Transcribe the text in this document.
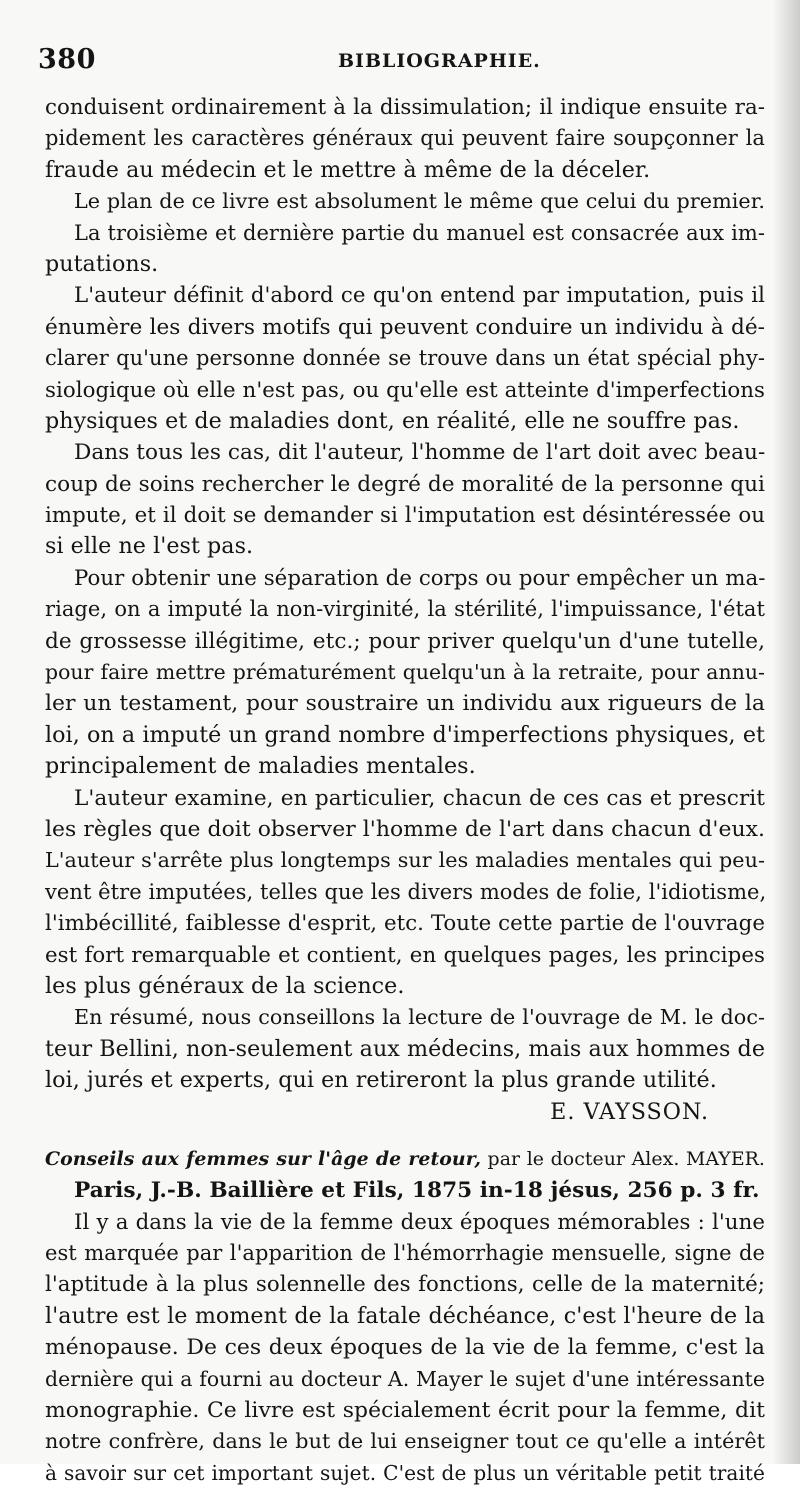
380	BIBLIOGRAPHIE.
conduisent ordinairement à la dissimulation; il indique ensuite ra-
pidement les caractères généraux qui peuvent faire soupçonner la
fraude au médecin et le mettre à même de la déceler.
Le plan de ce livre est absolument le même que celui du premier.
La troisième et dernière partie du manuel est consacrée aux im-
putations.
L'auteur définit d'abord ce qu'on entend par imputation, puis il
énumère les divers motifs qui peuvent conduire un individu à dé-
clarer qu'une personne donnée se trouve dans un état spécial phy-
siologique où elle n'est pas, ou qu'elle est atteinte d'imperfections
physiques et de maladies dont, en réalité, elle ne souffre pas.
Dans tous les cas, dit l'auteur, l'homme de l'art doit avec beau-
coup de soins rechercher le degré de moralité de la personne qui
impute, et il doit se demander si l'imputation est désintéressée ou
si elle ne l'est pas.
Pour obtenir une séparation de corps ou pour empêcher un ma-
riage, on a imputé la non-virginité, la stérilité, l'impuissance, l'état
de grossesse illégitime, etc.; pour priver quelqu'un d'une tutelle,
pour faire mettre prématurément quelqu'un à la retraite, pour annu-
ler un testament, pour soustraire un individu aux rigueurs de la
loi, on a imputé un grand nombre d'imperfections physiques, et
principalement de maladies mentales.
L'auteur examine, en particulier, chacun de ces cas et prescrit
les règles que doit observer l'homme de l'art dans chacun d'eux.
L'auteur s'arrête plus longtemps sur les maladies mentales qui peu-
vent être imputées, telles que les divers modes de folie, l'idiotisme,
l'imbécillité, faiblesse d'esprit, etc. Toute cette partie de l'ouvrage
est fort remarquable et contient, en quelques pages, les principes
les plus généraux de la science.
En résumé, nous conseillons la lecture de l'ouvrage de M. le doc-
teur Bellini, non-seulement aux médecins, mais aux hommes de
loi, jurés et experts, qui en retireront la plus grande utilité.
E. VAYSSON.
Conseils aux femmes sur l'âge de retour, par le docteur Alex. MAYER.
Paris, J.-B. Baillière et Fils, 1875 in-18 jésus, 256 p. 3 fr.
Il y a dans la vie de la femme deux époques mémorables : l'une
est marquée par l'apparition de l'hémorrhagie mensuelle, signe de
l'aptitude à la plus solennelle des fonctions, celle de la maternité;
l'autre est le moment de la fatale déchéance, c'est l'heure de la
ménopause. De ces deux époques de la vie de la femme, c'est la
dernière qui a fourni au docteur A. Mayer le sujet d'une intéressante
monographie. Ce livre est spécialement écrit pour la femme, dit
notre confrère, dans le but de lui enseigner tout ce qu'elle a intérêt
à savoir sur cet important sujet. C'est de plus un véritable petit traité
